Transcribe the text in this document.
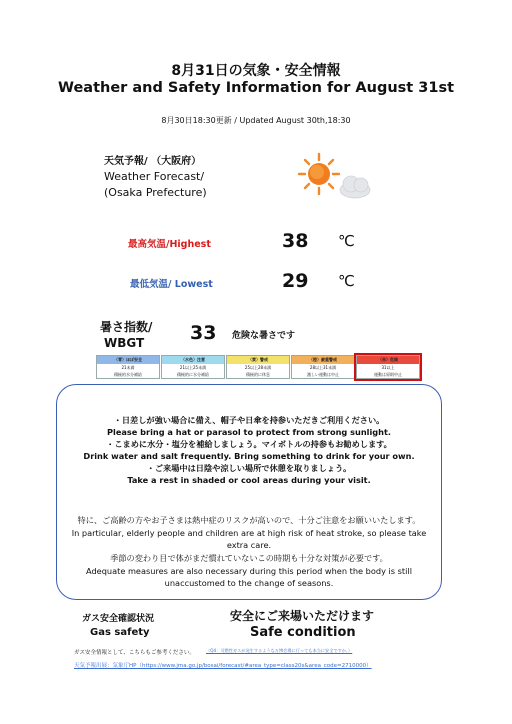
8月31日の気象・安全情報
Weather and Safety Information for August 31st
8月30日18:30更新 / Updated August 30th,18:30
天気予報/ （大阪府）
Weather Forecast/
(Osaka Prefecture)
最高気温/Highest	38 ℃
最低気温/ Lowest	29 ℃
暑さ指数/
WBGT 33 危険な暑さです
（青）ほぼ安全
21未満
積極的水分補給
（水色）注意
21以上25未満
積極的に水分補給
（黄）警戒
25以上28未満
積極的に休息
（橙）厳重警戒
28以上31未満
激しい運動は中止
（赤）危険
31以上
運動は原則中止
・日差しが強い場合に備え、帽子や日傘を持参いただきご利用ください。
Please bring a hat or parasol to protect from strong sunlight.
・こまめに水分・塩分を補給しましょう。マイボトルの持参もお勧めします。
Drink water and salt frequently. Bring something to drink for your own.
・ご来場中は日陰や涼しい場所で休憩を取りましょう。
Take a rest in shaded or cool areas during your visit.
特に、ご高齢の方やお子さまは熱中症のリスクが高いので、十分ご注意をお願いいたします。
In particular, elderly people and children are at high risk of heat stroke, so please take
extra care.
季節の変わり目で体がまだ慣れていないこの時期も十分な対策が必要です。
Adequate measures are also necessary during this period when the body is still
unaccustomed to the change of seasons.
ガス安全確認状況
Gas safety
安全にご来場いただけます
Safe condition
ガス安全情報として、こちらもご参考ください。	（Q4：可燃性ガスが発生するような万博会場に行っても本当に安全ですか。）
天気予報出展：気象庁HP（https://www.jma.go.jp/bosai/forecast/#area_type=class20s&area_code=2710000）
